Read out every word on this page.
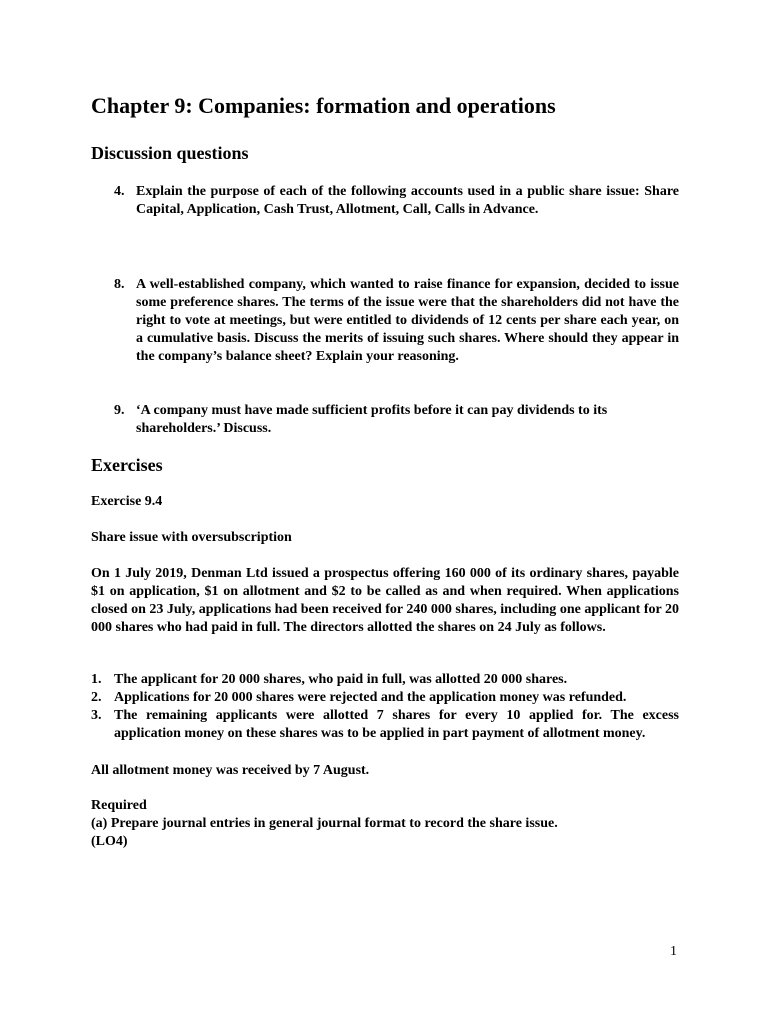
Chapter 9: Companies: formation and operations
Discussion questions
4. Explain the purpose of each of the following accounts used in a public share issue: Share Capital, Application, Cash Trust, Allotment, Call, Calls in Advance.

8. A well-established company, which wanted to raise finance for expansion, decided to issue some preference shares. The terms of the issue were that the shareholders did not have the right to vote at meetings, but were entitled to dividends of 12 cents per share each year, on a cumulative basis. Discuss the merits of issuing such shares. Where should they appear in the company’s balance sheet? Explain your reasoning.

9. ‘A company must have made sufficient profits before it can pay dividends to its shareholders.’ Discuss.

Exercises

Exercise 9.4

Share issue with oversubscription

On 1 July 2019, Denman Ltd issued a prospectus offering 160 000 of its ordinary shares, payable $1 on application, $1 on allotment and $2 to be called as and when required. When applications closed on 23 July, applications had been received for 240 000 shares, including one applicant for 20 000 shares who had paid in full. The directors allotted the shares on 24 July as follows.

1. The applicant for 20 000 shares, who paid in full, was allotted 20 000 shares.

2. Applications for 20 000 shares were rejected and the application money was refunded.

3. The remaining applicants were allotted 7 shares for every 10 applied for. The excess application money on these shares was to be applied in part payment of allotment money.

All allotment money was received by 7 August.

Required

(a) Prepare journal entries in general journal format to record the share issue.

(LO4)

1
